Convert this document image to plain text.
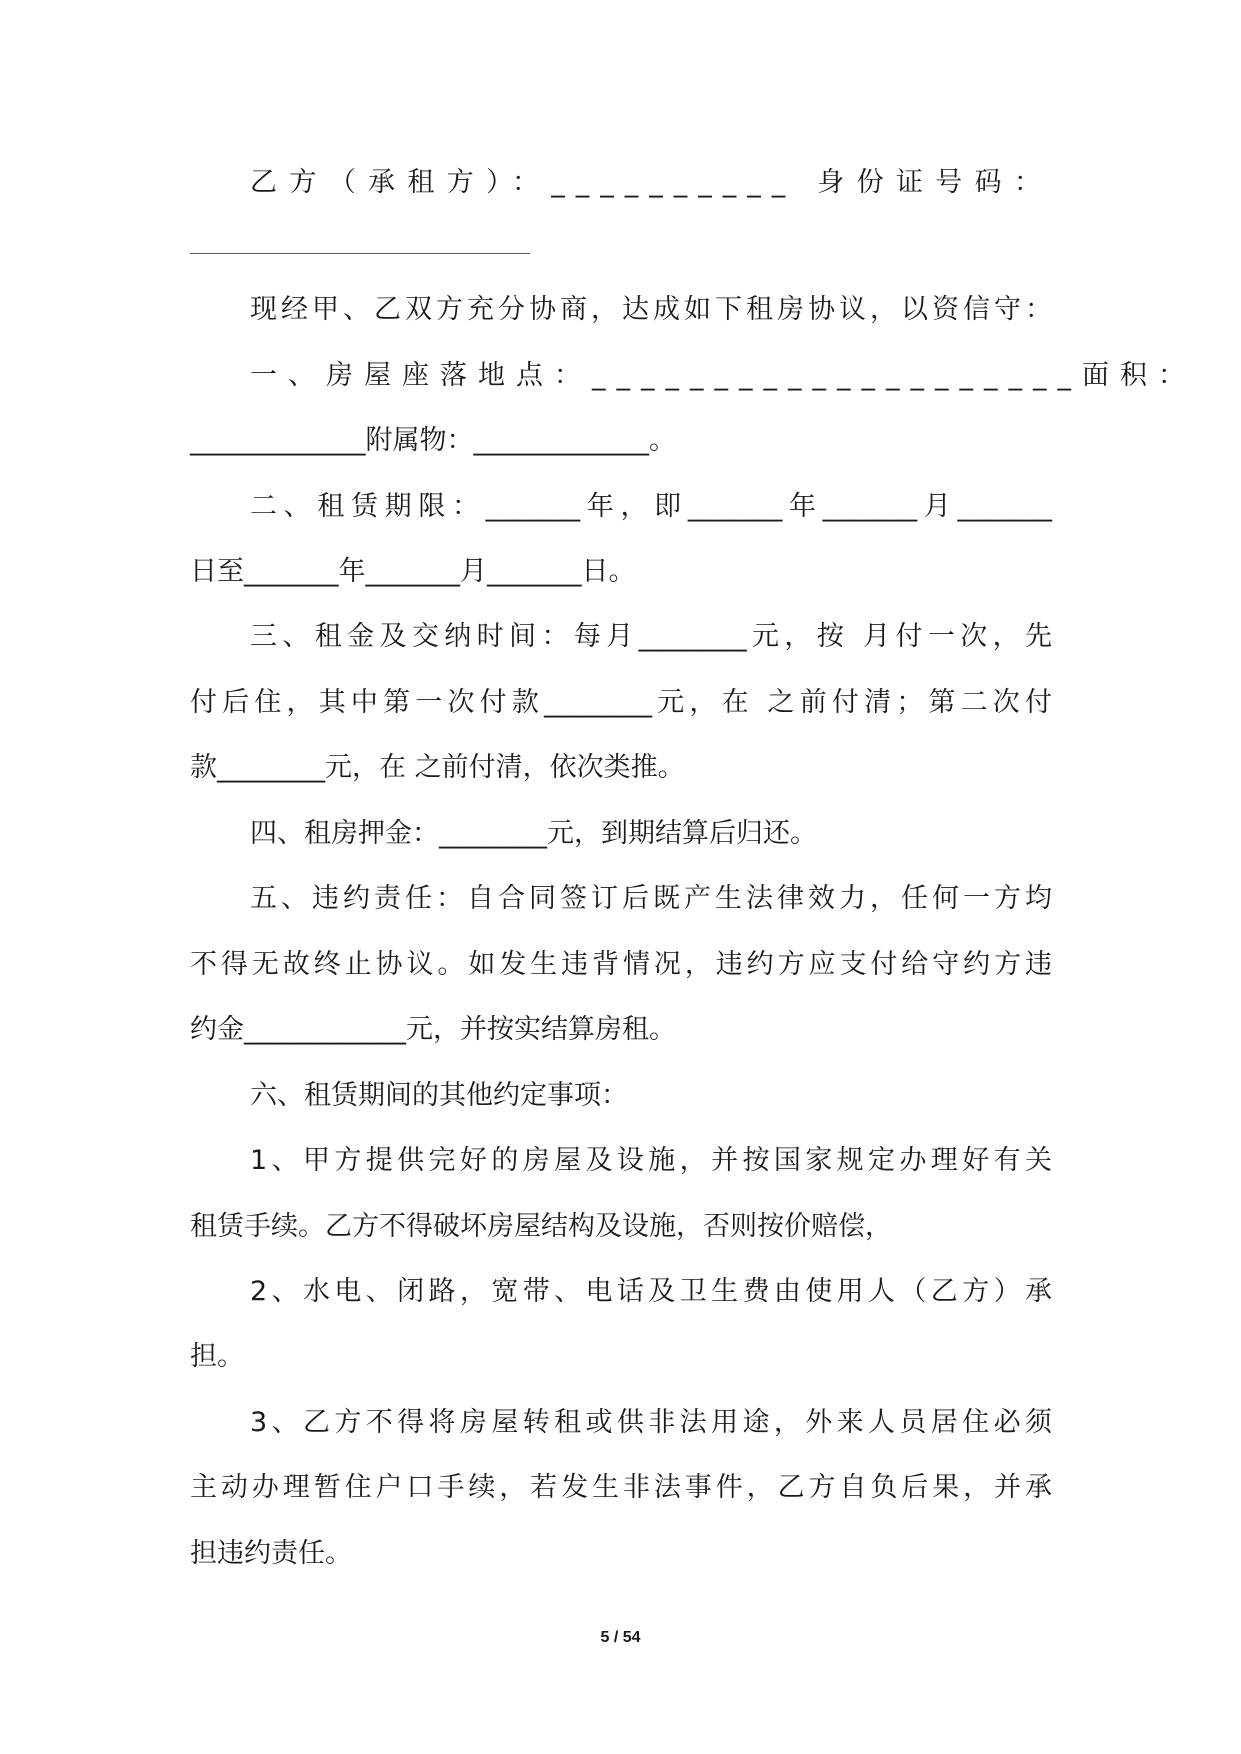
乙方（承租方）：__________ 身份证号码：
现经甲、乙双方充分协商，达成如下租房协议，以资信守：
一、房屋座落地点：____________________面积：
_____________附属物：_____________。
二、租赁期限：_______年，即_______年_______月_______
日至_______年_______月_______日。
三、租金及交纳时间：每月________元，按 月付一次，先
付后住，其中第一次付款________元，在 之前付清；第二次付
款________元，在 之前付清，依次类推。
四、租房押金：________元，到期结算后归还。
五、违约责任：自合同签订后既产生法律效力，任何一方均
不得无故终止协议。如发生违背情况，违约方应支付给守约方违
约金____________元，并按实结算房租。
六、租赁期间的其他约定事项：
1、甲方提供完好的房屋及设施，并按国家规定办理好有关
租赁手续。乙方不得破坏房屋结构及设施，否则按价赔偿，
2、水电、闭路，宽带、电话及卫生费由使用人（乙方）承
担。
3、乙方不得将房屋转租或供非法用途，外来人员居住必须
主动办理暂住户口手续，若发生非法事件，乙方自负后果，并承
担违约责任。
5 / 54
